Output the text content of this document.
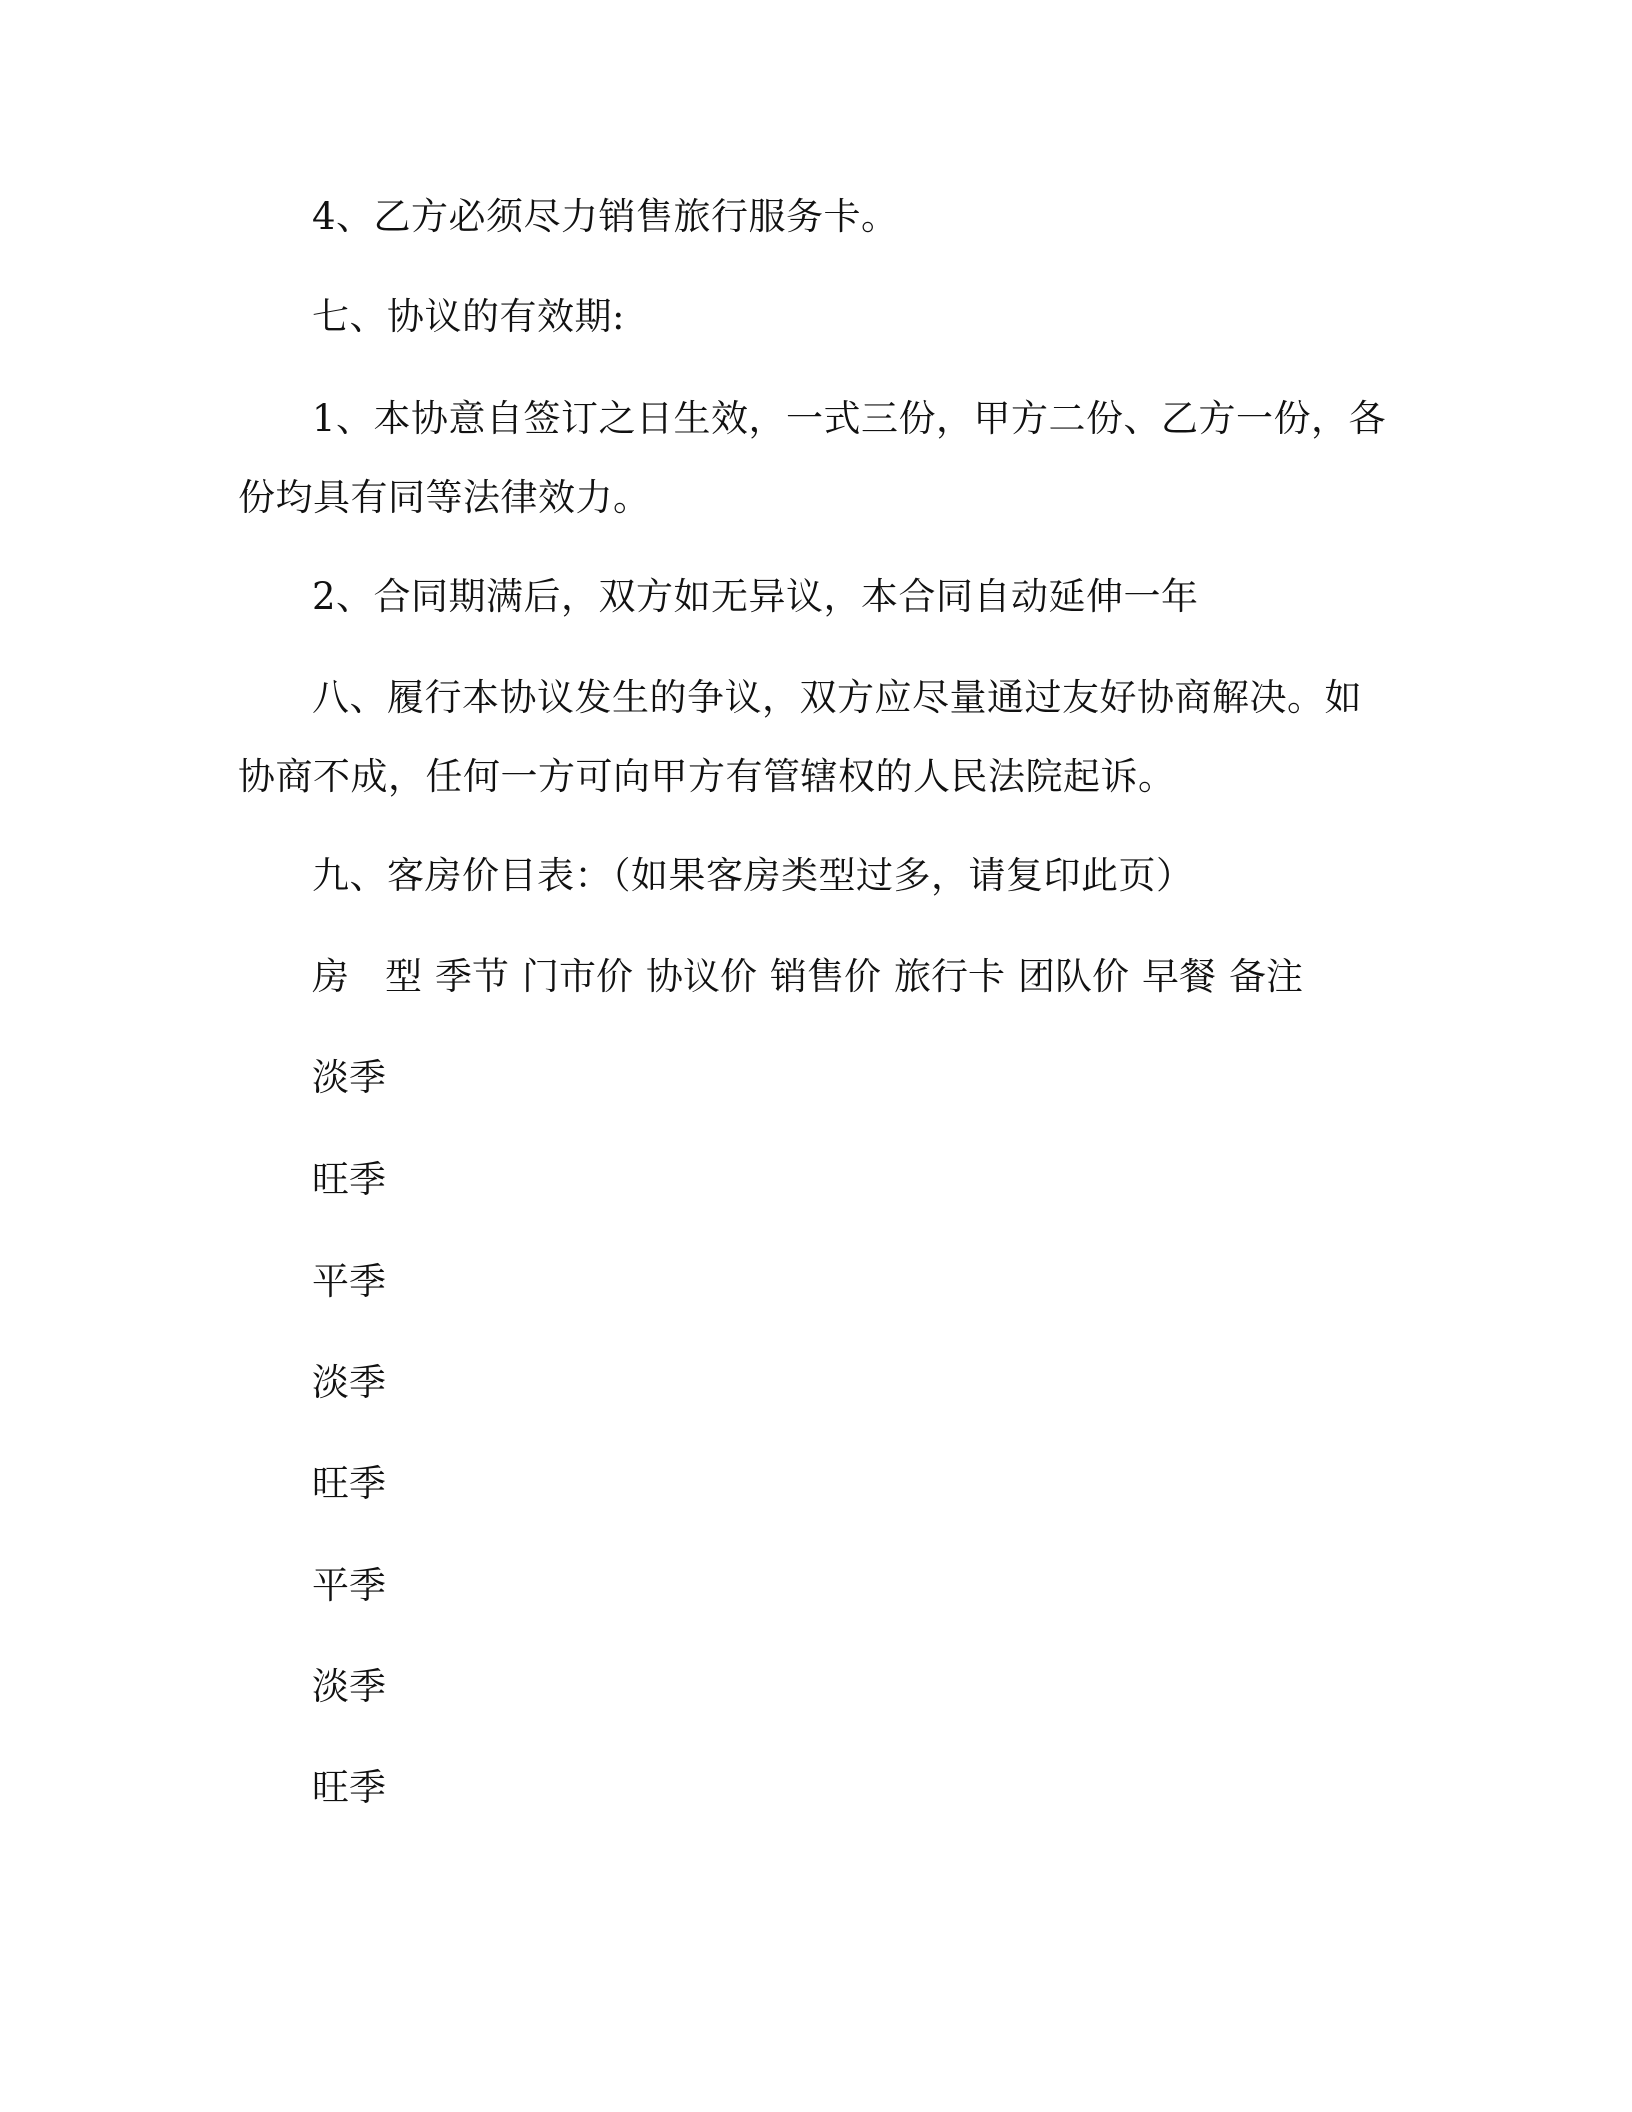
4、乙方必须尽力销售旅行服务卡。
七、协议的有效期:
1、本协意自签订之日生效，一式三份，甲方二份、乙方一份，各
份均具有同等法律效力。
2、合同期满后，双方如无异议，本合同自动延伸一年
八、履行本协议发生的争议，双方应尽量通过友好协商解决。如
协商不成，任何一方可向甲方有管辖权的人民法院起诉。
九、客房价目表：（如果客房类型过多，请复印此页）
房 型 季节 门市价 协议价 销售价 旅行卡 团队价 早餐 备注
淡季
旺季
平季
淡季
旺季
平季
淡季
旺季
